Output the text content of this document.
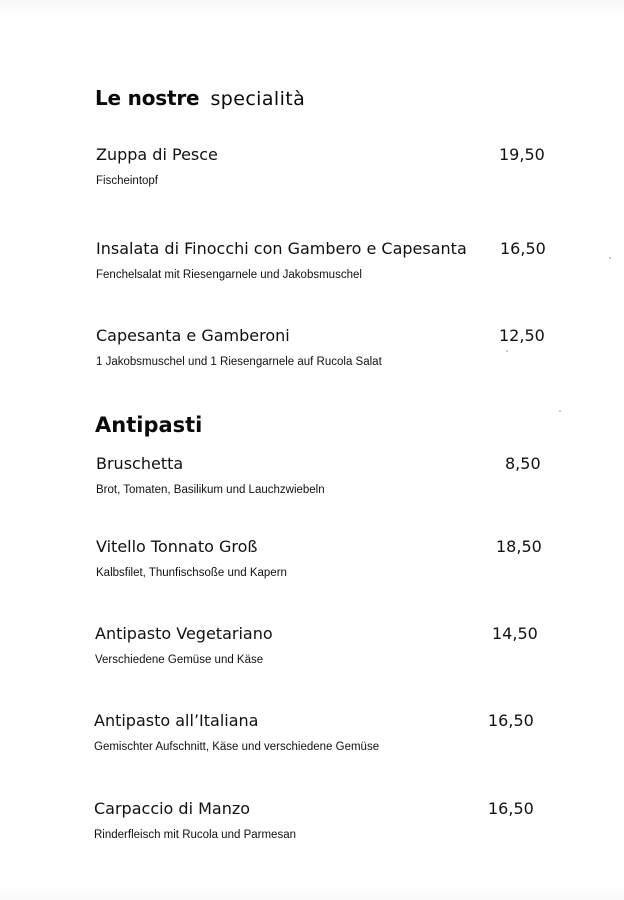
Le nostre specialità
Zuppa di Pesce	19,50
Fischeintopf
Insalata di Finocchi con Gambero e Capesanta 16,50
Fenchelsalat mit Riesengarnele und Jakobsmuschel
Capesanta e Gamberoni	12,50
1 Jakobsmuschel und 1 Riesengarnele auf Rucola Salat
Antipasti
Bruschetta	8,50
Brot, Tomaten, Basilikum und Lauchzwiebeln
Vitello Tonnato Groß	18,50
Kalbsfilet, Thunfischsoße und Kapern
Antipasto Vegetariano	14,50
Verschiedene Gemüse und Käse
Antipasto all’Italiana	16,50
Gemischter Aufschnitt, Käse und verschiedene Gemüse
Carpaccio di Manzo	16,50
Rinderfleisch mit Rucola und Parmesan
